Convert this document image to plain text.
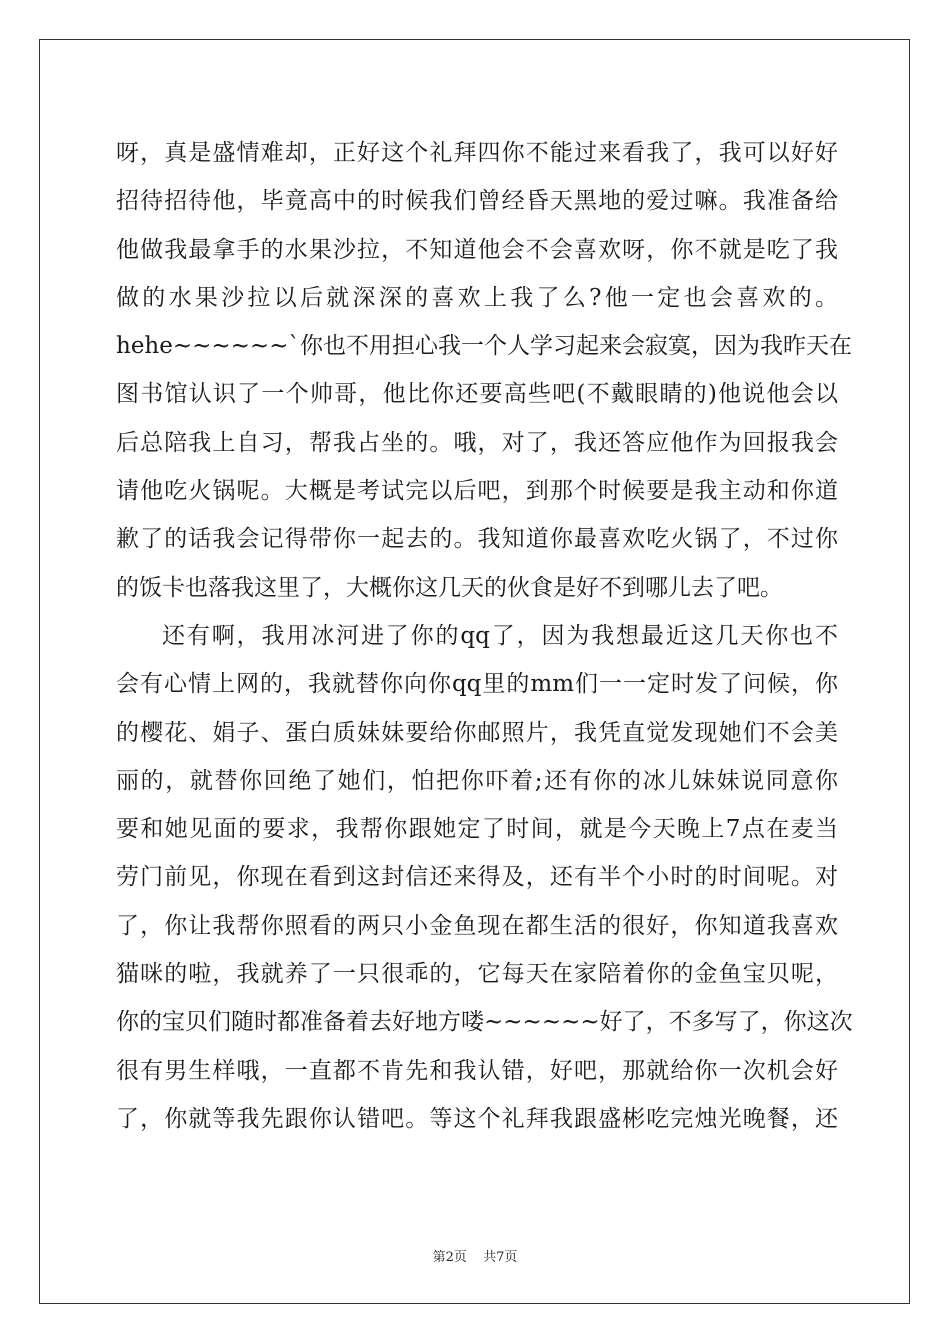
呀，真是盛情难却，正好这个礼拜四你不能过来看我了，我可以好好
招待招待他，毕竟高中的时候我们曾经昏天黑地的爱过嘛。我准备给
他做我最拿手的水果沙拉，不知道他会不会喜欢呀，你不就是吃了我
做的水果沙拉以后就深深的喜欢上我了么?他一定也会喜欢的。
hehe~~~~~~`你也不用担心我一个人学习起来会寂寞，因为我昨天在
图书馆认识了一个帅哥，他比你还要高些吧(不戴眼睛的)他说他会以
后总陪我上自习，帮我占坐的。哦，对了，我还答应他作为回报我会
请他吃火锅呢。大概是考试完以后吧，到那个时候要是我主动和你道
歉了的话我会记得带你一起去的。我知道你最喜欢吃火锅了，不过你
的饭卡也落我这里了，大概你这几天的伙食是好不到哪儿去了吧。
还有啊，我用冰河进了你的qq了，因为我想最近这几天你也不
会有心情上网的，我就替你向你qq里的mm们一一定时发了问候，你
的樱花、娟子、蛋白质妹妹要给你邮照片，我凭直觉发现她们不会美
丽的，就替你回绝了她们，怕把你吓着;还有你的冰儿妹妹说同意你
要和她见面的要求，我帮你跟她定了时间，就是今天晚上7点在麦当
劳门前见，你现在看到这封信还来得及，还有半个小时的时间呢。对
了，你让我帮你照看的两只小金鱼现在都生活的很好，你知道我喜欢
猫咪的啦，我就养了一只很乖的，它每天在家陪着你的金鱼宝贝呢，
你的宝贝们随时都准备着去好地方喽~~~~~~好了，不多写了，你这次
很有男生样哦，一直都不肯先和我认错，好吧，那就给你一次机会好
了，你就等我先跟你认错吧。等这个礼拜我跟盛彬吃完烛光晚餐，还
第2页 共7页
